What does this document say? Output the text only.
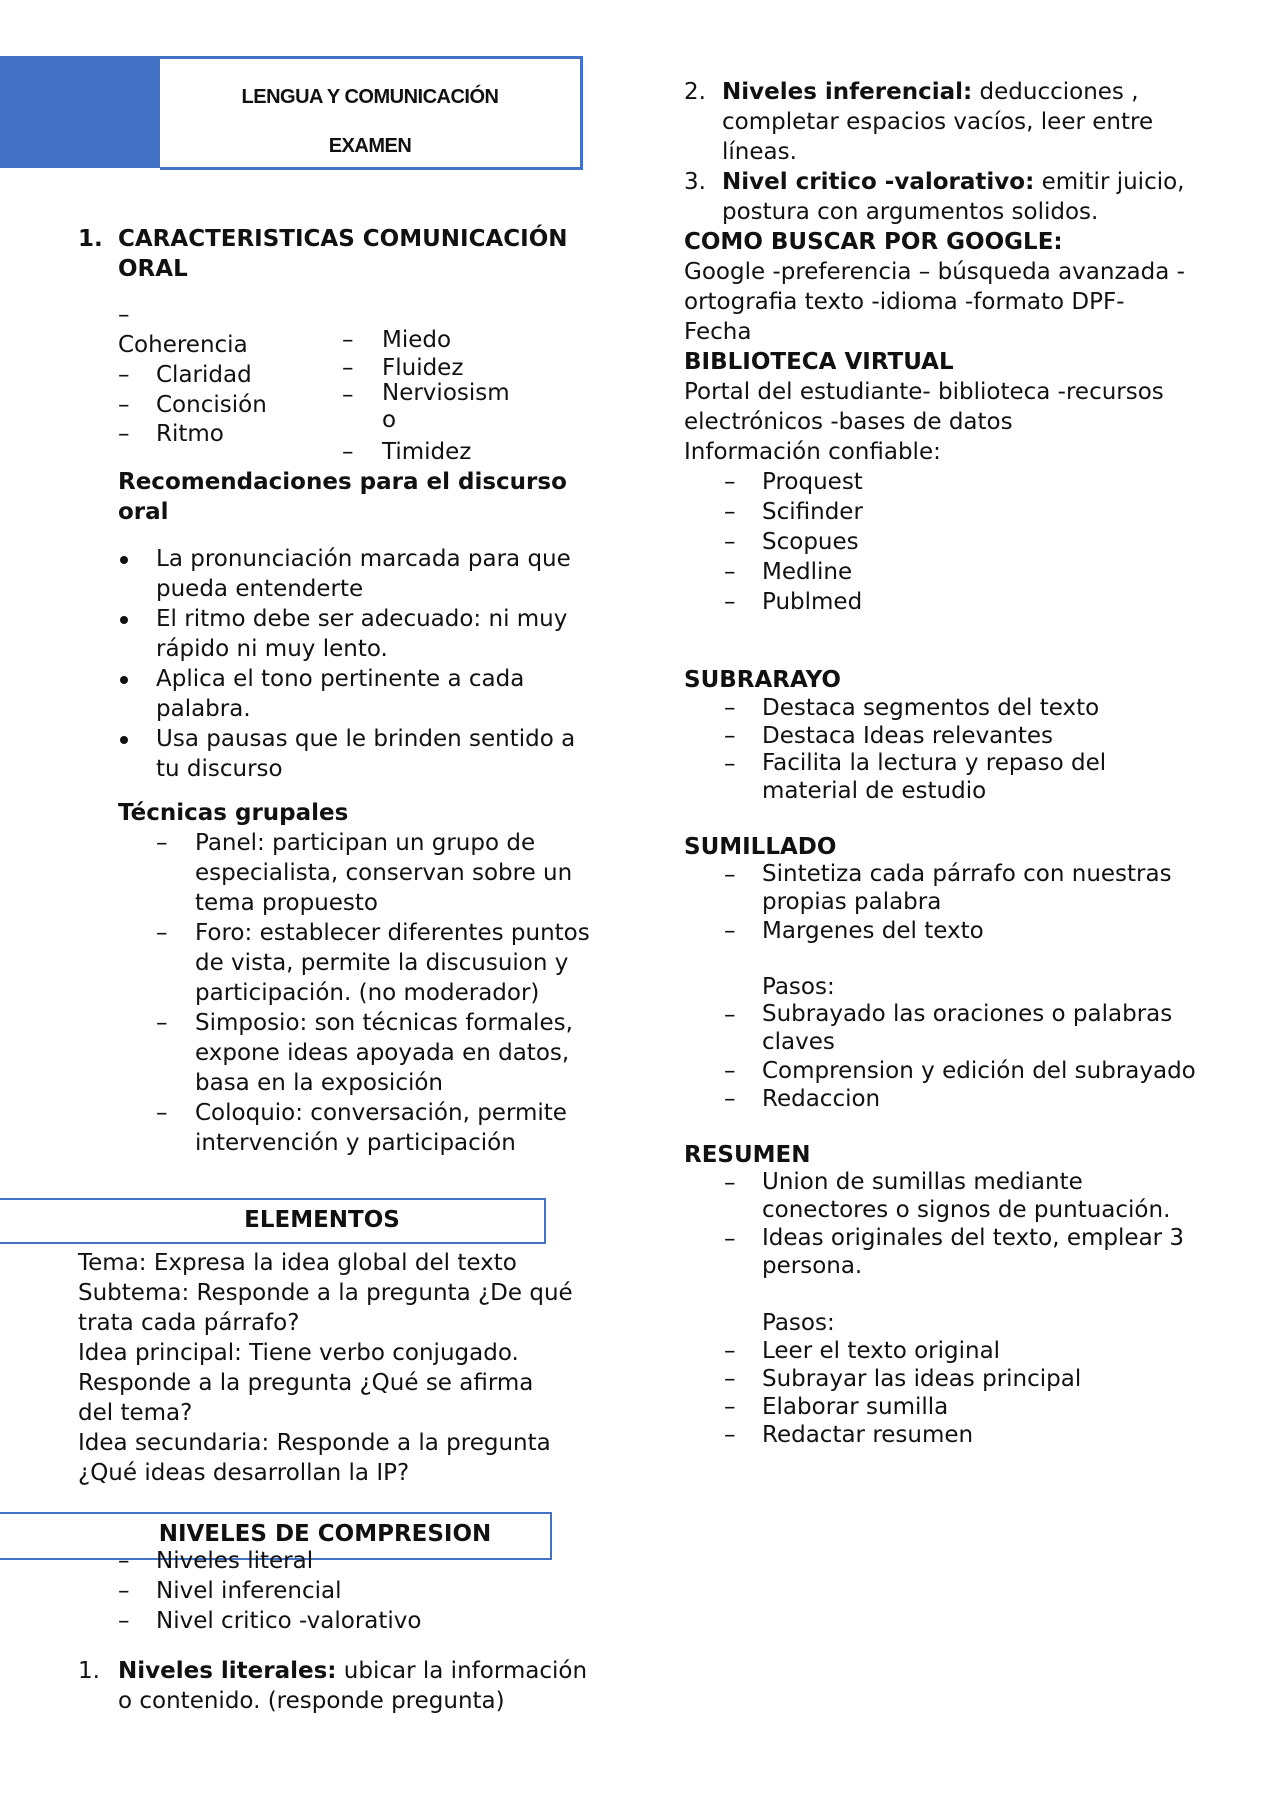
LENGUA Y COMUNICACIÓN
EXAMEN
1. CARACTERISTICAS COMUNICACIÓN ORAL
–
Coherencia
– Claridad
– Concisión
– Ritmo
– Miedo
– Fluidez
– Nerviosismo
– Timidez
Recomendaciones para el discurso oral
La pronunciación marcada para que pueda entenderte
El ritmo debe ser adecuado: ni muy rápido ni muy lento.
Aplica el tono pertinente a cada palabra.
Usa pausas que le brinden sentido a tu discurso
Técnicas grupales
– Panel: participan un grupo de especialista, conservan sobre un tema propuesto
– Foro: establecer diferentes puntos de vista, permite la discusuion y participación. (no moderador)
– Simposio: son técnicas formales, expone ideas apoyada en datos, basa en la exposición
– Coloquio: conversación, permite intervención y participación
ELEMENTOS
Tema: Expresa la idea global del texto
Subtema: Responde a la pregunta ¿De qué
trata cada párrafo?
Idea principal: Tiene verbo conjugado.
Responde a la pregunta ¿Qué se afirma
del tema?
Idea secundaria: Responde a la pregunta
¿Qué ideas desarrollan la IP?
NIVELES DE COMPRESION
– Niveles literal
– Nivel inferencial
– Nivel critico -valorativo
1. Niveles literales: ubicar la información
o contenido. (responde pregunta)
2. Niveles inferencial: deducciones ,
completar espacios vacíos, leer entre
líneas.
3. Nivel critico -valorativo: emitir juicio,
postura con argumentos solidos.
COMO BUSCAR POR GOOGLE:
Google -preferencia – búsqueda avanzada -
ortografia texto -idioma -formato DPF-
Fecha
BIBLIOTECA VIRTUAL
Portal del estudiante- biblioteca -recursos
electrónicos -bases de datos
Información confiable:
– Proquest
– Scifinder
– Scopues
– Medline
– Publmed
SUBRARAYO
– Destaca segmentos del texto
– Destaca Ideas relevantes
– Facilita la lectura y repaso del material de estudio
SUMILLADO
– Sintetiza cada párrafo con nuestras propias palabra
– Margenes del texto
Pasos:
– Subrayado las oraciones o palabras claves
– Comprension y edición del subrayado
– Redaccion
RESUMEN
– Union de sumillas mediante conectores o signos de puntuación.
– Ideas originales del texto, emplear 3 persona.
Pasos:
– Leer el texto original
– Subrayar las ideas principal
– Elaborar sumilla
– Redactar resumen
